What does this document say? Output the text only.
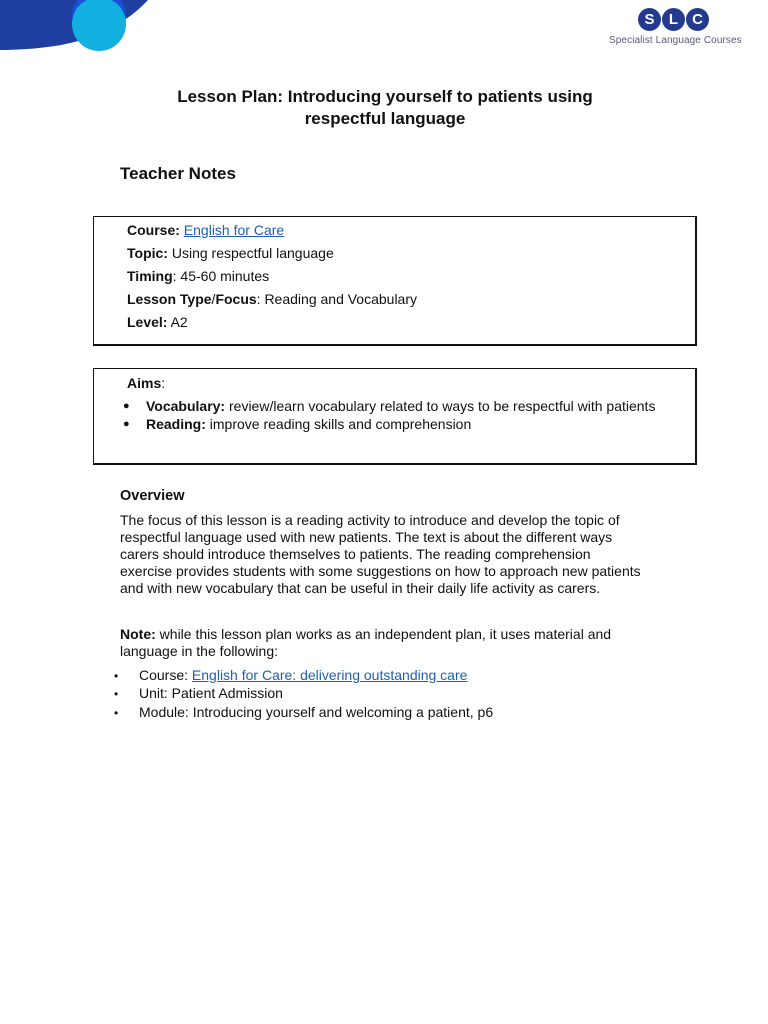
S L C
Specialist Language Courses
Lesson Plan: Introducing yourself to patients using
respectful language
Teacher Notes
Course: English for Care
Topic: Using respectful language
Timing: 45-60 minutes
Lesson Type/Focus: Reading and Vocabulary
Level: A2
Aims:
● Vocabulary: review/learn vocabulary related to ways to be respectful with patients
● Reading: improve reading skills and comprehension
Overview
The focus of this lesson is a reading activity to introduce and develop the topic of
respectful language used with new patients. The text is about the different ways
carers should introduce themselves to patients. The reading comprehension
exercise provides students with some suggestions on how to approach new patients
and with new vocabulary that can be useful in their daily life activity as carers.
Note: while this lesson plan works as an independent plan, it uses material and
language in the following:
• Course: English for Care: delivering outstanding care
• Unit: Patient Admission
• Module: Introducing yourself and welcoming a patient, p6
